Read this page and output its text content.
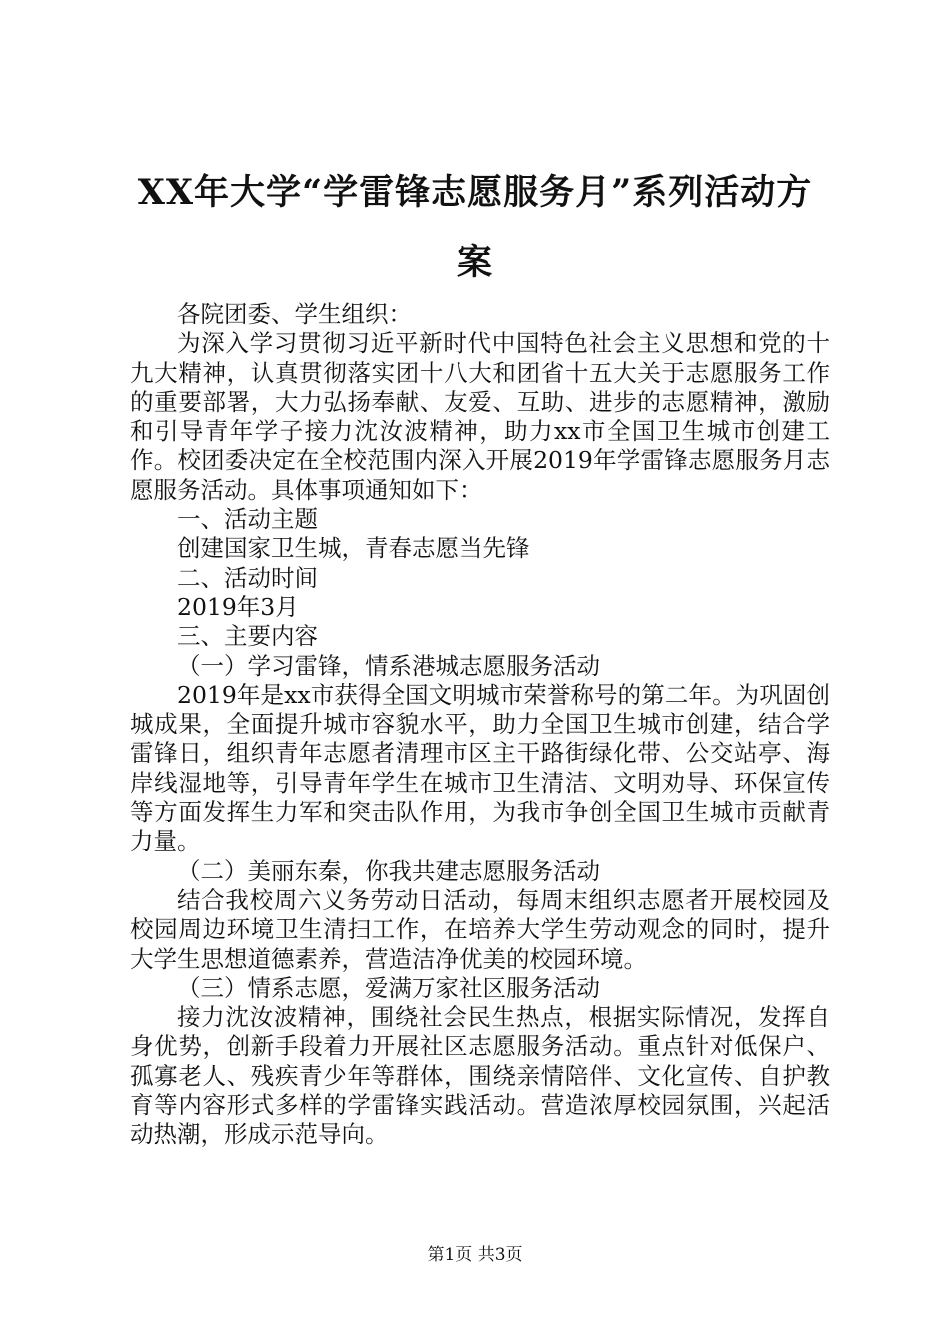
XX年大学“学雷锋志愿服务月”系列活动方案

各院团委、学生组织：

为深入学习贯彻习近平新时代中国特色社会主义思想和党的十九大精神，认真贯彻落实团十八大和团省十五大关于志愿服务工作的重要部署，大力弘扬奉献、友爱、互助、进步的志愿精神，激励和引导青年学子接力沈汝波精神，助力xx市全国卫生城市创建工作。校团委决定在全校范围内深入开展2019年学雷锋志愿服务月志愿服务活动。具体事项通知如下：

一、活动主题

创建国家卫生城，青春志愿当先锋

二、活动时间

2019年3月

三、主要内容

（一）学习雷锋，情系港城志愿服务活动

2019年是xx市获得全国文明城市荣誉称号的第二年。为巩固创城成果，全面提升城市容貌水平，助力全国卫生城市创建，结合学雷锋日，组织青年志愿者清理市区主干路街绿化带、公交站亭、海岸线湿地等，引导青年学生在城市卫生清洁、文明劝导、环保宣传等方面发挥生力军和突击队作用，为我市争创全国卫生城市贡献青力量。

（二）美丽东秦，你我共建志愿服务活动

结合我校周六义务劳动日活动，每周末组织志愿者开展校园及校园周边环境卫生清扫工作，在培养大学生劳动观念的同时，提升大学生思想道德素养，营造洁净优美的校园环境。

（三）情系志愿，爱满万家社区服务活动

接力沈汝波精神，围绕社会民生热点，根据实际情况，发挥自身优势，创新手段着力开展社区志愿服务活动。重点针对低保户、孤寡老人、残疾青少年等群体，围绕亲情陪伴、文化宣传、自护教育等内容形式多样的学雷锋实践活动。营造浓厚校园氛围，兴起活动热潮，形成示范导向。

第1页 共3页
